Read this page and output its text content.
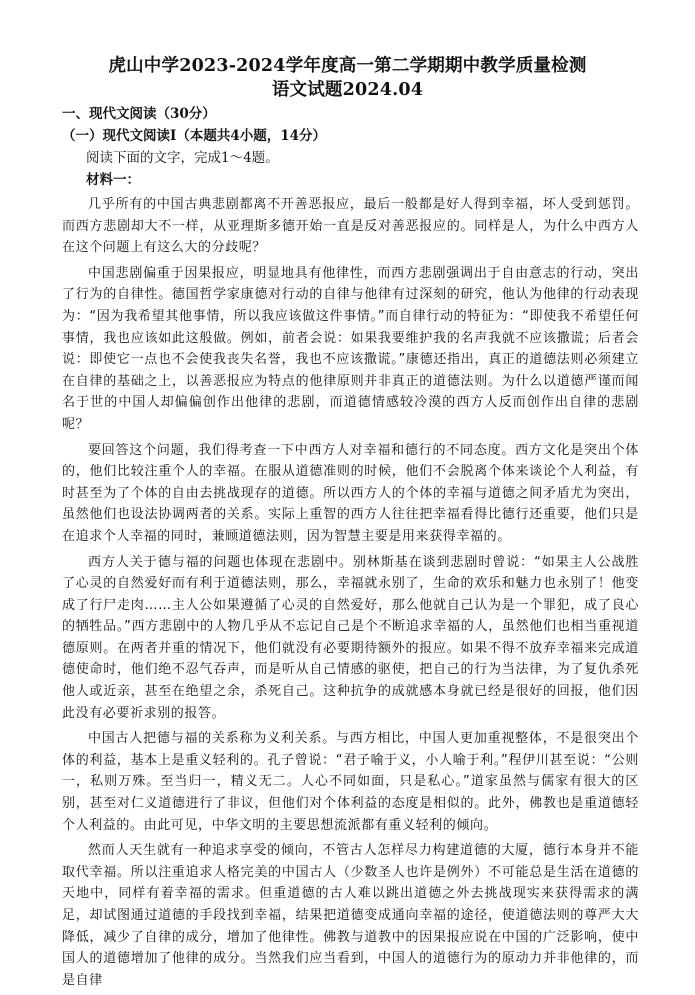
虎山中学2023-2024学年度高一第二学期期中教学质量检测
语文试题2024.04
一、现代文阅读（30分）
（一）现代文阅读Ⅰ（本题共4小题，14分）
阅读下面的文字，完成1～4题。
材料一：

几乎所有的中国古典悲剧都离不开善恶报应，最后一般都是好人得到幸福，坏人受到惩罚。而西方悲剧却大不一样，从亚理斯多德开始一直是反对善恶报应的。同样是人，为什么中西方人在这个问题上有这么大的分歧呢？

中国悲剧偏重于因果报应，明显地具有他律性，而西方悲剧强调出于自由意志的行动，突出了行为的自律性。德国哲学家康德对行动的自律与他律有过深刻的研究，他认为他律的行动表现为：“因为我希望其他事情，所以我应该做这件事情。”而自律行动的特征为：“即使我不希望任何事情，我也应该如此这般做。例如，前者会说：如果我要维护我的名声我就不应该撒谎；后者会说：即使它一点也不会使我丧失名誉，我也不应该撒谎。”康德还指出，真正的道德法则必须建立在自律的基础之上，以善恶报应为特点的他律原则并非真正的道德法则。为什么以道德严谨而闻名于世的中国人却偏偏创作出他律的悲剧，而道德情感较冷漠的西方人反而创作出自律的悲剧呢？

要回答这个问题，我们得考查一下中西方人对幸福和德行的不同态度。西方文化是突出个体的，他们比较注重个人的幸福。在服从道德准则的时候，他们不会脱离个体来谈论个人利益，有时甚至为了个体的自由去挑战现存的道德。所以西方人的个体的幸福与道德之间矛盾尤为突出，虽然他们也设法协调两者的关系。实际上重智的西方人往往把幸福看得比德行还重要，他们只是在追求个人幸福的同时，兼顾道德法则，因为智慧主要是用来获得幸福的。

西方人关于德与福的问题也体现在悲剧中。别林斯基在谈到悲剧时曾说：“如果主人公战胜了心灵的自然爱好而有利于道德法则，那么，幸福就永别了，生命的欢乐和魅力也永别了！他变成了行尸走肉……主人公如果遵循了心灵的自然爱好，那么他就自己认为是一个罪犯，成了良心的牺牲品。”西方悲剧中的人物几乎从不忘记自己是个不断追求幸福的人，虽然他们也相当重视道德原则。在两者并重的情况下，他们就没有必要期待额外的报应。如果不得不放弃幸福来完成道德使命时，他们绝不忍气吞声，而是听从自己情感的驱使，把自己的行为当法律，为了复仇杀死他人或近亲，甚至在绝望之余，杀死自己。这种抗争的成就感本身就已经是很好的回报，他们因此没有必要祈求别的报答。

中国古人把德与福的关系称为义利关系。与西方相比，中国人更加重视整体，不是很突出个体的利益，基本上是重义轻利的。孔子曾说：“君子喻于义，小人喻于利。”程伊川甚至说：“公则一，私则万殊。至当归一，精义无二。人心不同如面，只是私心。”道家虽然与儒家有很大的区别，甚至对仁义道德进行了非议，但他们对个体利益的态度是相似的。此外，佛教也是重道德轻个人利益的。由此可见，中华文明的主要思想流派都有重义轻利的倾向。

然而人天生就有一种追求享受的倾向，不管古人怎样尽力构建道德的大厦，德行本身并不能取代幸福。所以注重追求人格完美的中国古人（少数圣人也许是例外）不可能总是生活在道德的天地中，同样有着幸福的需求。但重道德的古人难以跳出道德之外去挑战现实来获得需求的满足，却试图通过道德的手段找到幸福，结果把道德变成通向幸福的途径，使道德法则的尊严大大降低，减少了自律的成分，增加了他律性。佛教与道教中的因果报应说在中国的广泛影响，使中国人的道德增加了他律的成分。当然我们应当看到，中国人的道德行为的原动力并非他律的，而是自律
